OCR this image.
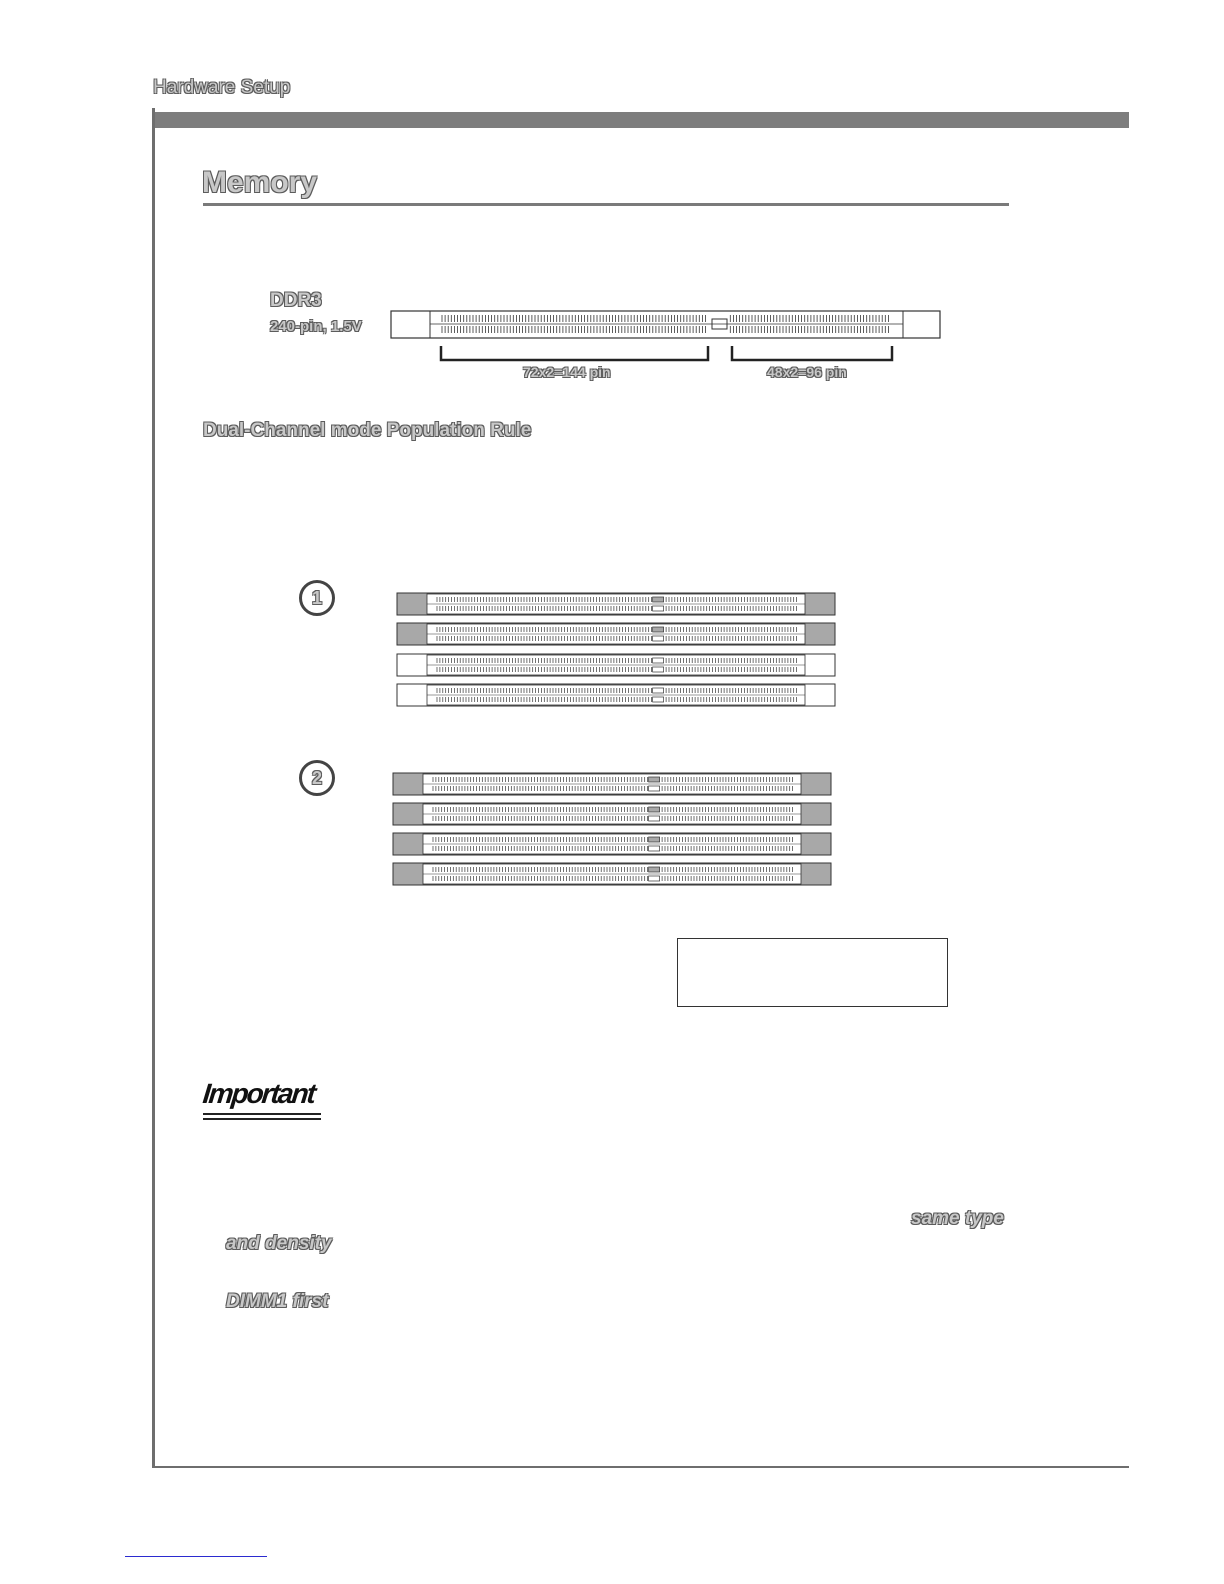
Hardware Setup
Memory
DDR3
240-pin, 1.5V
72x2=144 pin	48x2=96 pin
Dual-Channel mode Population Rule
1
2
Important
same type
and density
DIMM1 first
